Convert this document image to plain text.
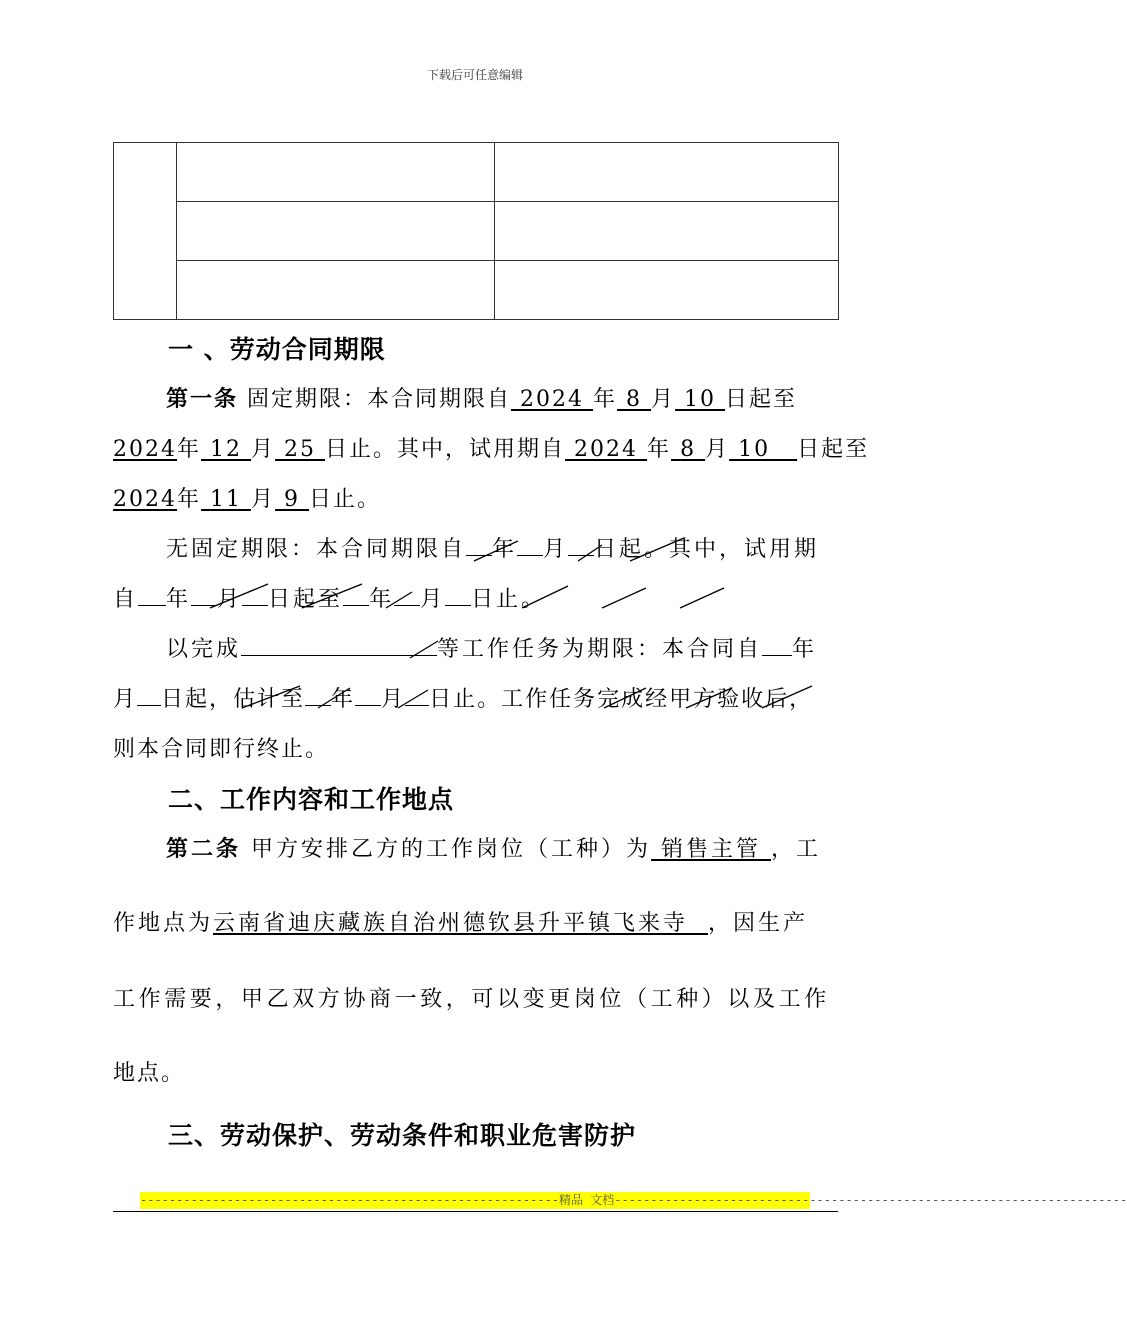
下载后可任意编辑

一 、劳动合同期限
第一条 固定期限：本合同期限自 2024 年 8 月 10 日起至
2024年 12 月 25 日止。其中，试用期自 2024 年 8 月 10 日起至
2024年 11 月 9 日止。
无固定期限：本合同期限自 年 月 日起。其中，试用期
自 年 月 日起至 年 月 日止。
以完成	等工作任务为期限：本合同自 年
月 日起，估计至 年 月 日止。工作任务完成经甲方验收后，
则本合同即行终止。
二、工作内容和工作地点
第二条 甲方安排乙方的工作岗位（工种）为 销售主管 ，工
作地点为云南省迪庆藏族自治州德钦县升平镇飞来寺 ，因生产
工作需要，甲乙双方协商一致，可以变更岗位（工种）以及工作
地点。
三、劳动保护、劳动条件和职业危害防护
----------------------------------------------------------精品 文档-----------------------------------------------------------------------
